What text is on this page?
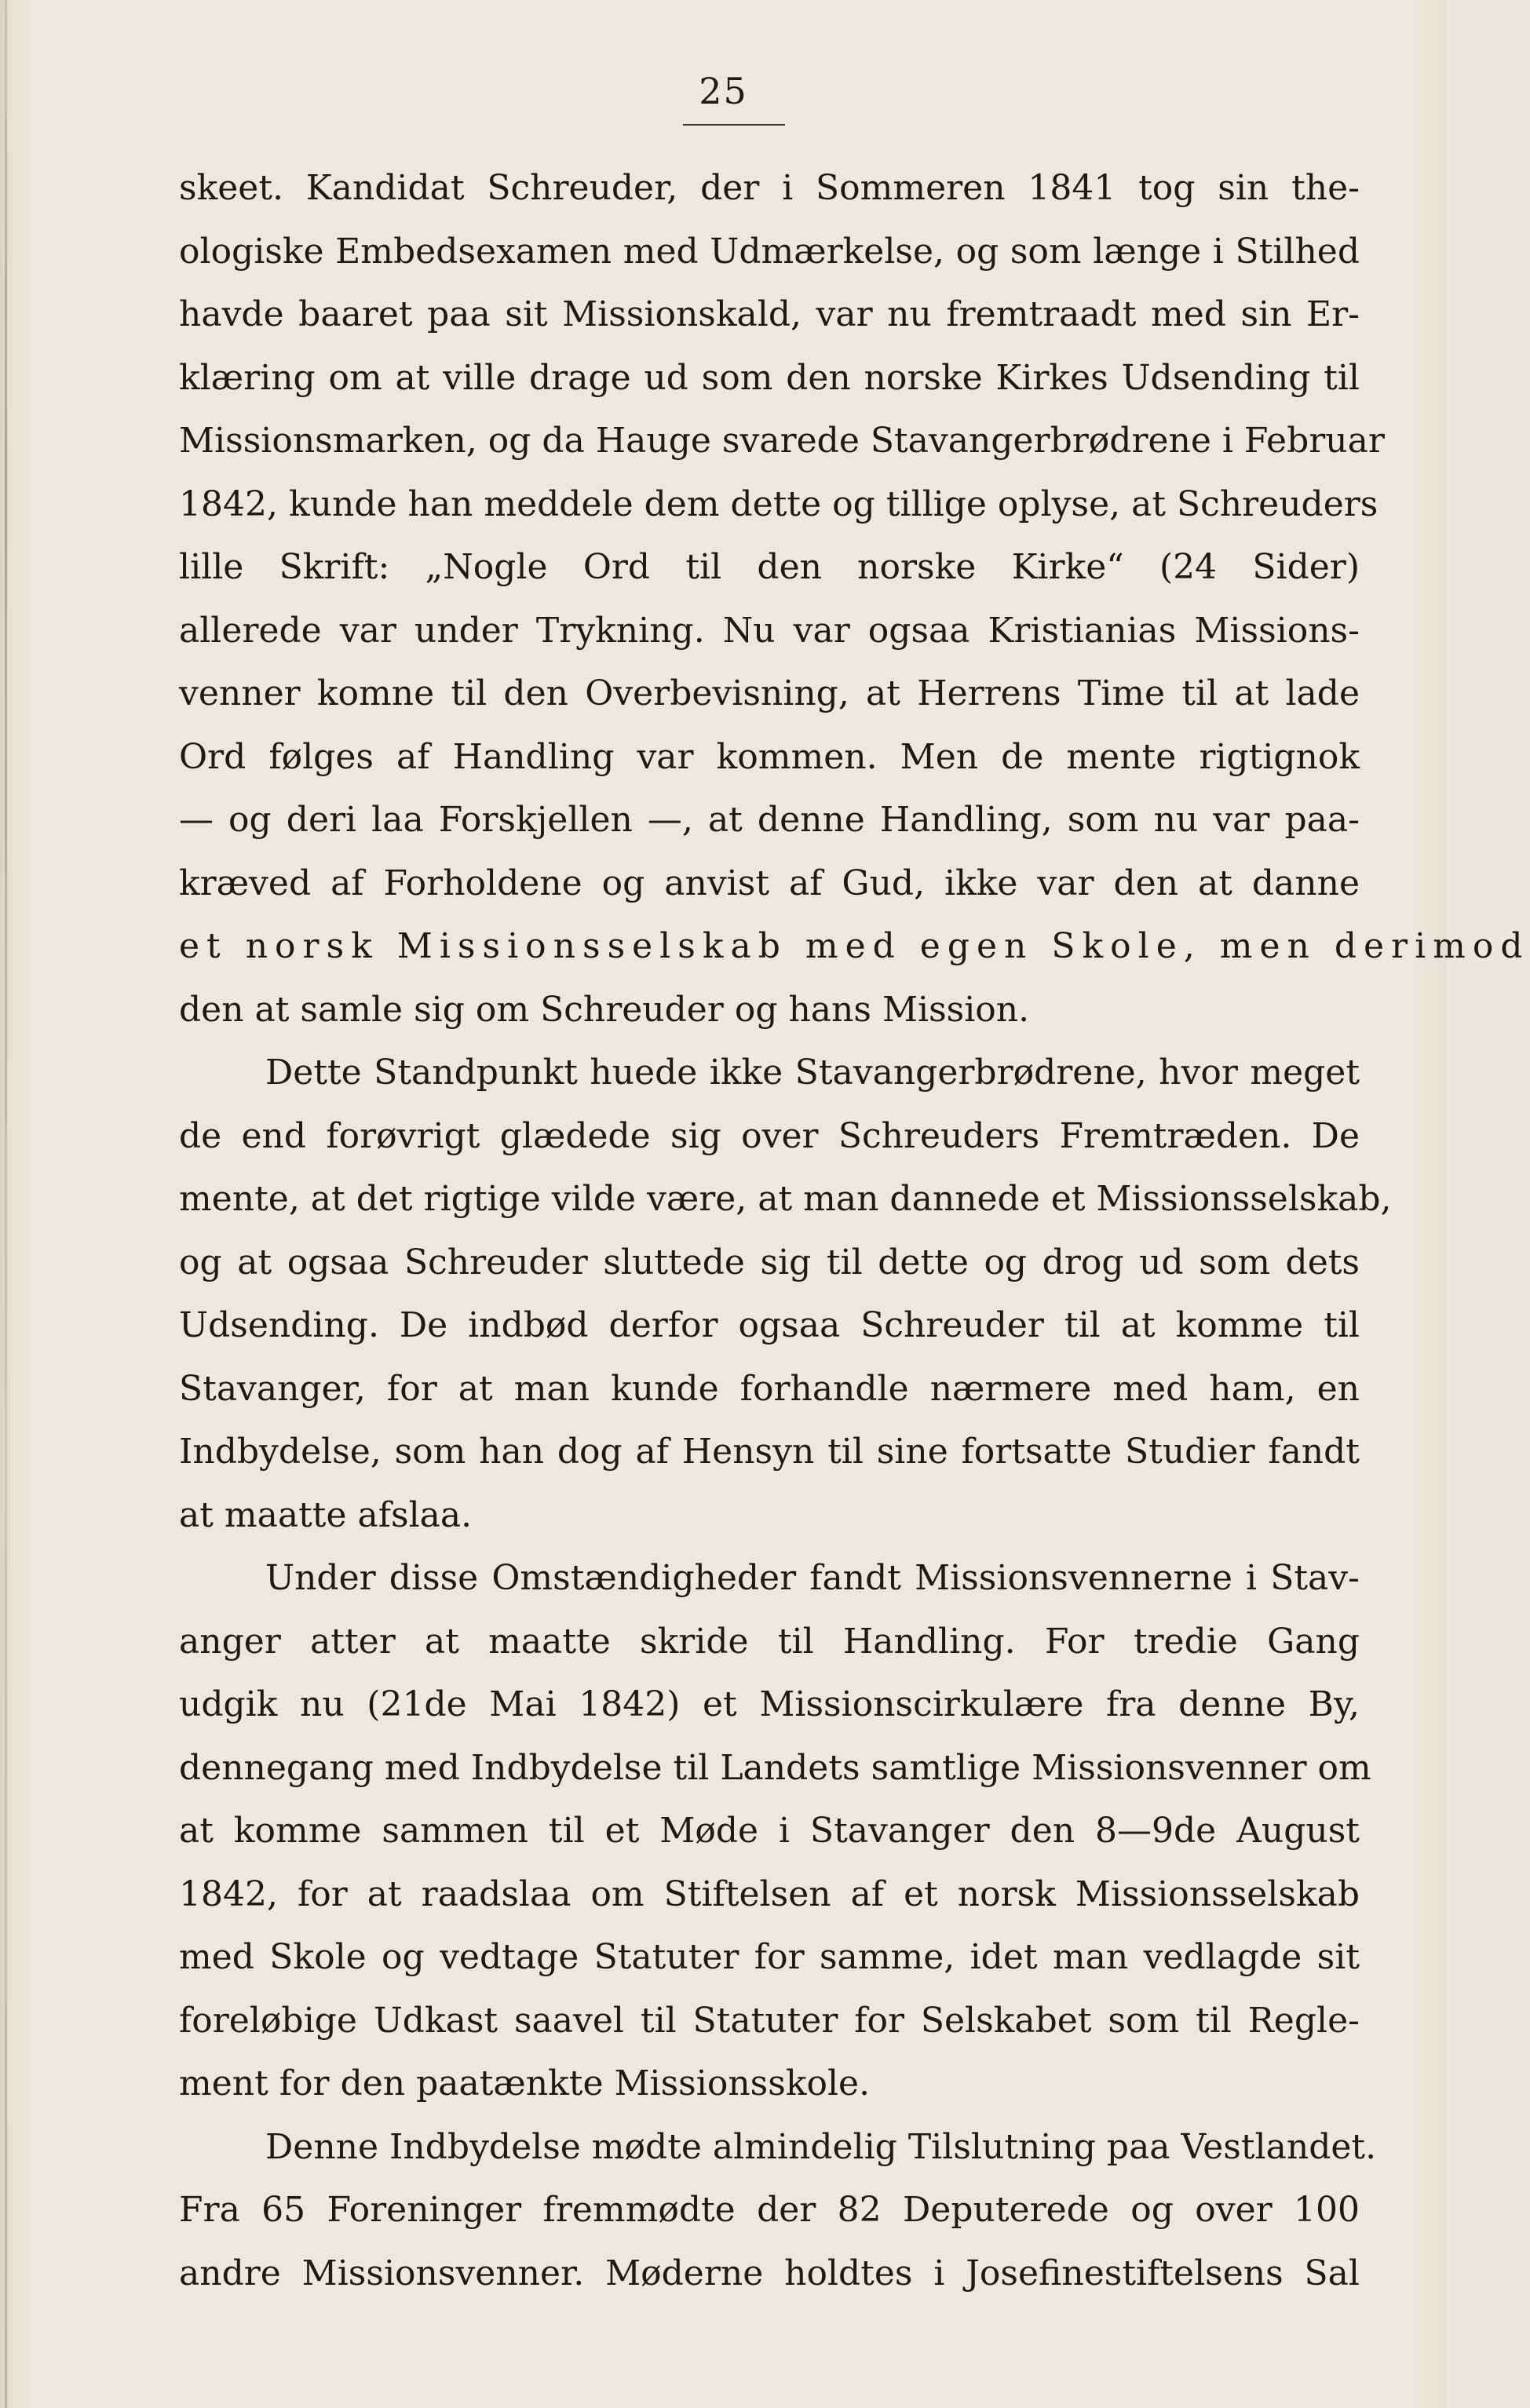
25
skeet. Kandidat Schreuder, der i Sommeren 1841 tog sin the-
ologiske Embedsexamen med Udmærkelse, og som længe i Stilhed
havde baaret paa sit Missionskald, var nu fremtraadt med sin Er-
klæring om at ville drage ud som den norske Kirkes Udsending til
Missionsmarken, og da Hauge svarede Stavangerbrødrene i Februar
1842, kunde han meddele dem dette og tillige oplyse, at Schreuders
lille Skrift: „Nogle Ord til den norske Kirke“ (24 Sider)
allerede var under Trykning. Nu var ogsaa Kristianias Missions-
venner komne til den Overbevisning, at Herrens Time til at lade
Ord følges af Handling var kommen. Men de mente rigtignok
— og deri laa Forskjellen —, at denne Handling, som nu var paa-
kræved af Forholdene og anvist af Gud, ikke var den at danne
et norsk Missionsselskab med egen Skole, men derimod
den at samle sig om Schreuder og hans Mission.
Dette Standpunkt huede ikke Stavangerbrødrene, hvor meget
de end forøvrigt glædede sig over Schreuders Fremtræden. De
mente, at det rigtige vilde være, at man dannede et Missionsselskab,
og at ogsaa Schreuder sluttede sig til dette og drog ud som dets
Udsending. De indbød derfor ogsaa Schreuder til at komme til
Stavanger, for at man kunde forhandle nærmere med ham, en
Indbydelse, som han dog af Hensyn til sine fortsatte Studier fandt
at maatte afslaa.
Under disse Omstændigheder fandt Missionsvennerne i Stav-
anger atter at maatte skride til Handling. For tredie Gang
udgik nu (21de Mai 1842) et Missionscirkulære fra denne By,
dennegang med Indbydelse til Landets samtlige Missionsvenner om
at komme sammen til et Møde i Stavanger den 8—9de August
1842, for at raadslaa om Stiftelsen af et norsk Missionsselskab
med Skole og vedtage Statuter for samme, idet man vedlagde sit
foreløbige Udkast saavel til Statuter for Selskabet som til Regle-
ment for den paatænkte Missionsskole.
Denne Indbydelse mødte almindelig Tilslutning paa Vestlandet.
Fra 65 Foreninger fremmødte der 82 Deputerede og over 100
andre Missionsvenner. Møderne holdtes i Josefinestiftelsens Sal
